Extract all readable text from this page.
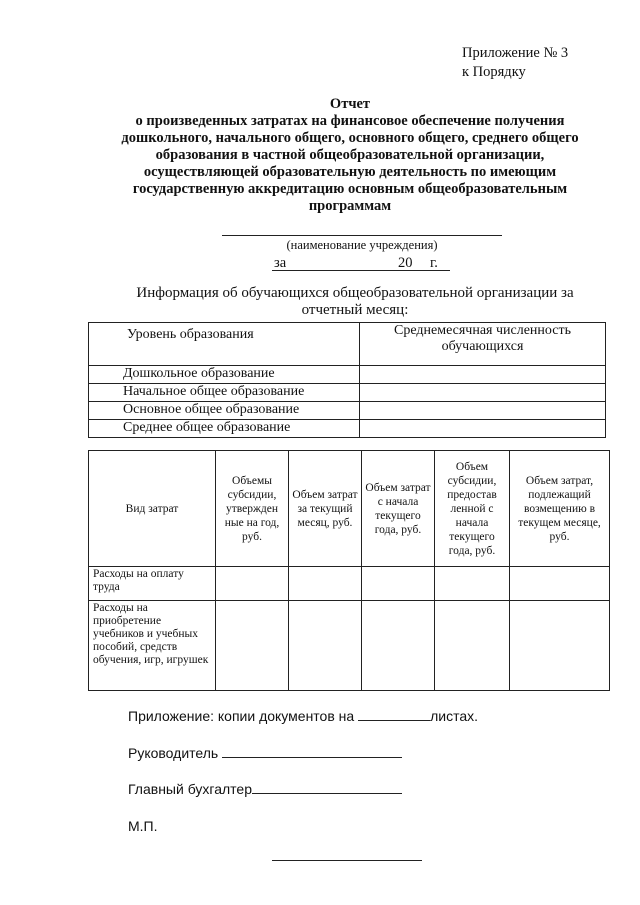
Приложение № 3
к Порядку
Отчет
о произведенных затратах на финансовое обеспечение получения
дошкольного, начального общего, основного общего, среднего общего
образования в частной общеобразовательной организации,
осуществляющей образовательную деятельность по имеющим
государственную аккредитацию основным общеобразовательным
программам
(наименование учреждения)
за	20 г.
Информация об обучающихся общеобразовательной организации за отчетный месяц:
Уровень образования	Среднемесячная численность обучающихся
Дошкольное образование	
Начальное общее образование	
Основное общее образование	
Среднее общее образование	
Вид затрат	Объемы субсидии, утвержден ные на год, руб.	Объем затрат за текущий месяц, руб.	Объем затрат с начала текущего года, руб.	Объем субсидии, предостав ленной с начала текущего года, руб.	Объем затрат, подлежащий возмещению в текущем месяце, руб.
Расходы на оплату труда					
Расходы на приобретение учебников и учебных пособий, средств обучения, игр, игрушек					
Приложение: копии документов на	листах.
Руководитель
Главный бухгалтер
М.П.
